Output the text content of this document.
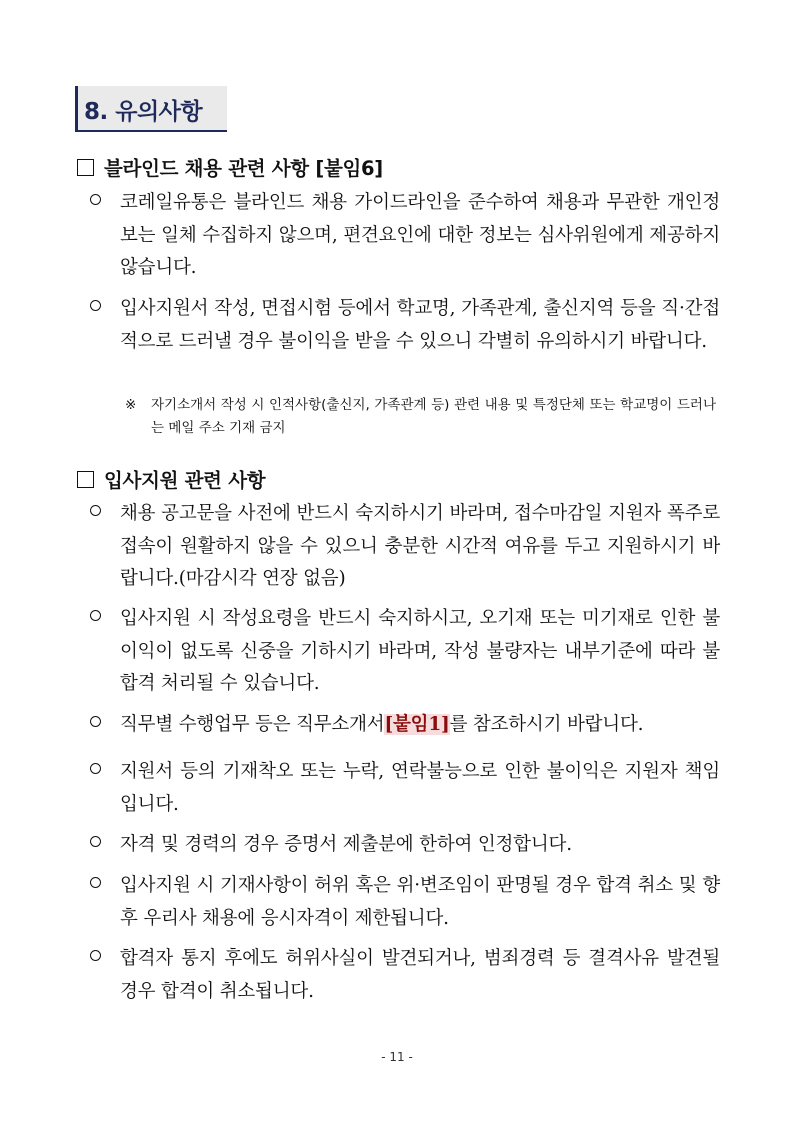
8. 유의사항
블라인드 채용 관련 사항 [붙임6]
코레일유통은 블라인드 채용 가이드라인을 준수하여 채용과 무관한 개인정보는 일체 수집하지 않으며, 편견요인에 대한 정보는 심사위원에게 제공하지 않습니다.
입사지원서 작성, 면접시험 등에서 학교명, 가족관계, 출신지역 등을 직·간접적으로 드러낼 경우 불이익을 받을 수 있으니 각별히 유의하시기 바랍니다.
※ 자기소개서 작성 시 인적사항(출신지, 가족관계 등) 관련 내용 및 특정단체 또는 학교명이 드러나는 메일 주소 기재 금지
입사지원 관련 사항
채용 공고문을 사전에 반드시 숙지하시기 바라며, 접수마감일 지원자 폭주로 접속이 원활하지 않을 수 있으니 충분한 시간적 여유를 두고 지원하시기 바랍니다.(마감시각 연장 없음)
입사지원 시 작성요령을 반드시 숙지하시고, 오기재 또는 미기재로 인한 불이익이 없도록 신중을 기하시기 바라며, 작성 불량자는 내부기준에 따라 불합격 처리될 수 있습니다.
직무별 수행업무 등은 직무소개서[붙임1]를 참조하시기 바랍니다.
지원서 등의 기재착오 또는 누락, 연락불능으로 인한 불이익은 지원자 책임입니다.
자격 및 경력의 경우 증명서 제출분에 한하여 인정합니다.
입사지원 시 기재사항이 허위 혹은 위·변조임이 판명될 경우 합격 취소 및 향후 우리사 채용에 응시자격이 제한됩니다.
합격자 통지 후에도 허위사실이 발견되거나, 범죄경력 등 결격사유 발견될 경우 합격이 취소됩니다.
- 11 -
